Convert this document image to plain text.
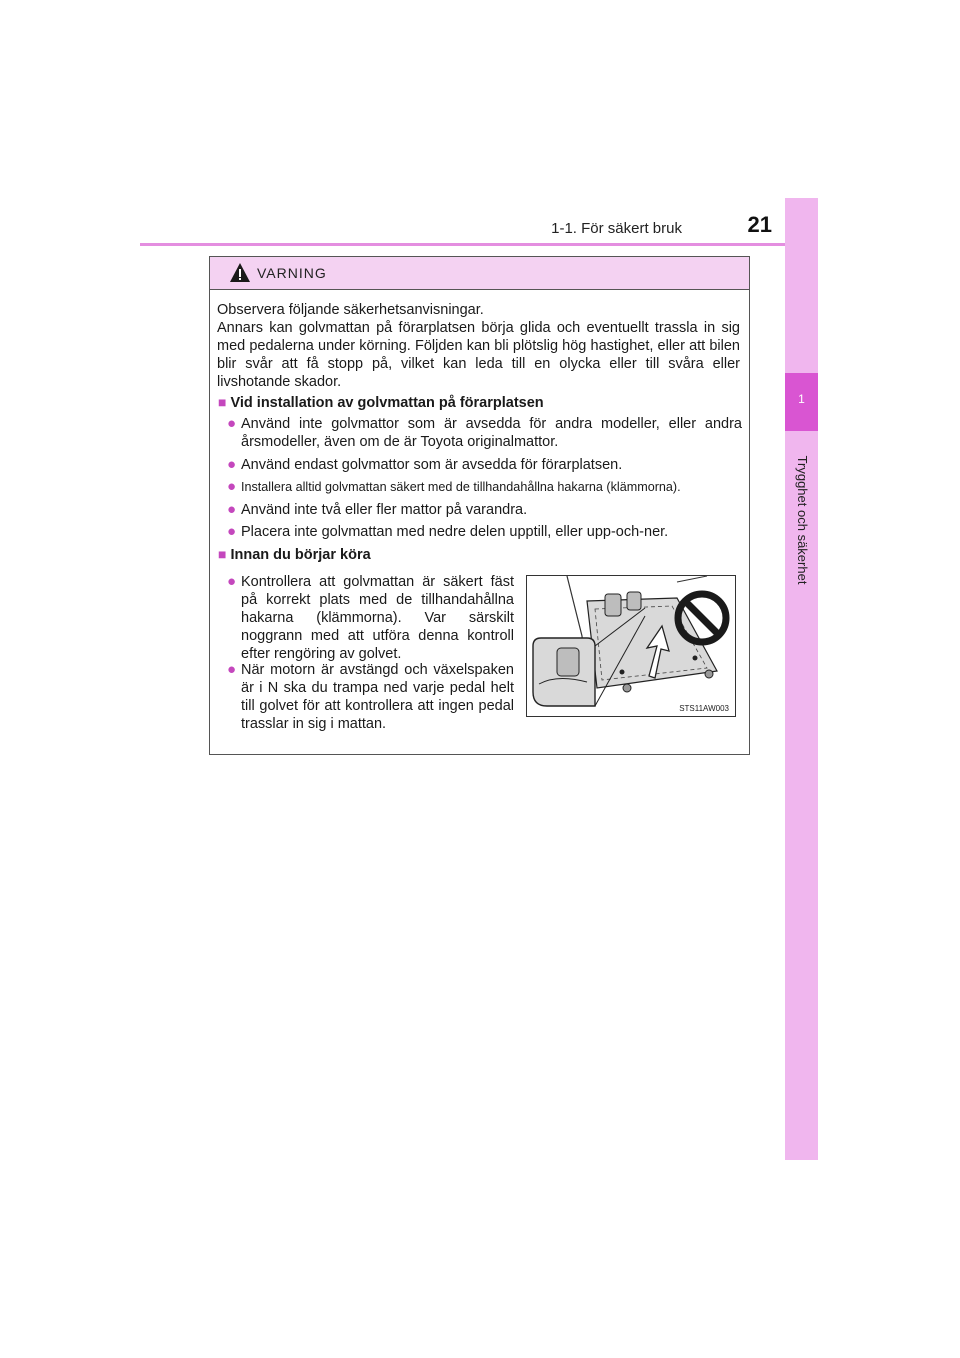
1-1. För säkert bruk	21
1
Trygghet och säkerhet
VARNING

Observera följande säkerhetsanvisningar.

Annars kan golvmattan på förarplatsen börja glida och eventuellt trassla in sig med pedalerna under körning. Följden kan bli plötslig hög hastighet, eller att bilen blir svår att få stopp på, vilket kan leda till en olycka eller till svåra eller livshotande skador.

■ Vid installation av golvmattan på förarplatsen
● Använd inte golvmattor som är avsedda för andra modeller, eller andra årsmodeller, även om de är Toyota originalmattor.
● Använd endast golvmattor som är avsedda för förarplatsen.
● Installera alltid golvmattan säkert med de tillhandahållna hakarna (klämmorna).
● Använd inte två eller fler mattor på varandra.
● Placera inte golvmattan med nedre delen upptill, eller upp-och-ner.
■ Innan du börjar köra
● Kontrollera att golvmattan är säkert fäst på korrekt plats med de tillhandahållna hakarna (klämmorna). Var särskilt noggrann med att utföra denna kontroll efter rengöring av golvet.
● När motorn är avstängd och växelspaken är i N ska du trampa ned varje pedal helt till golvet för att kontrollera att ingen pedal trasslar in sig i mattan.
STS11AW003
